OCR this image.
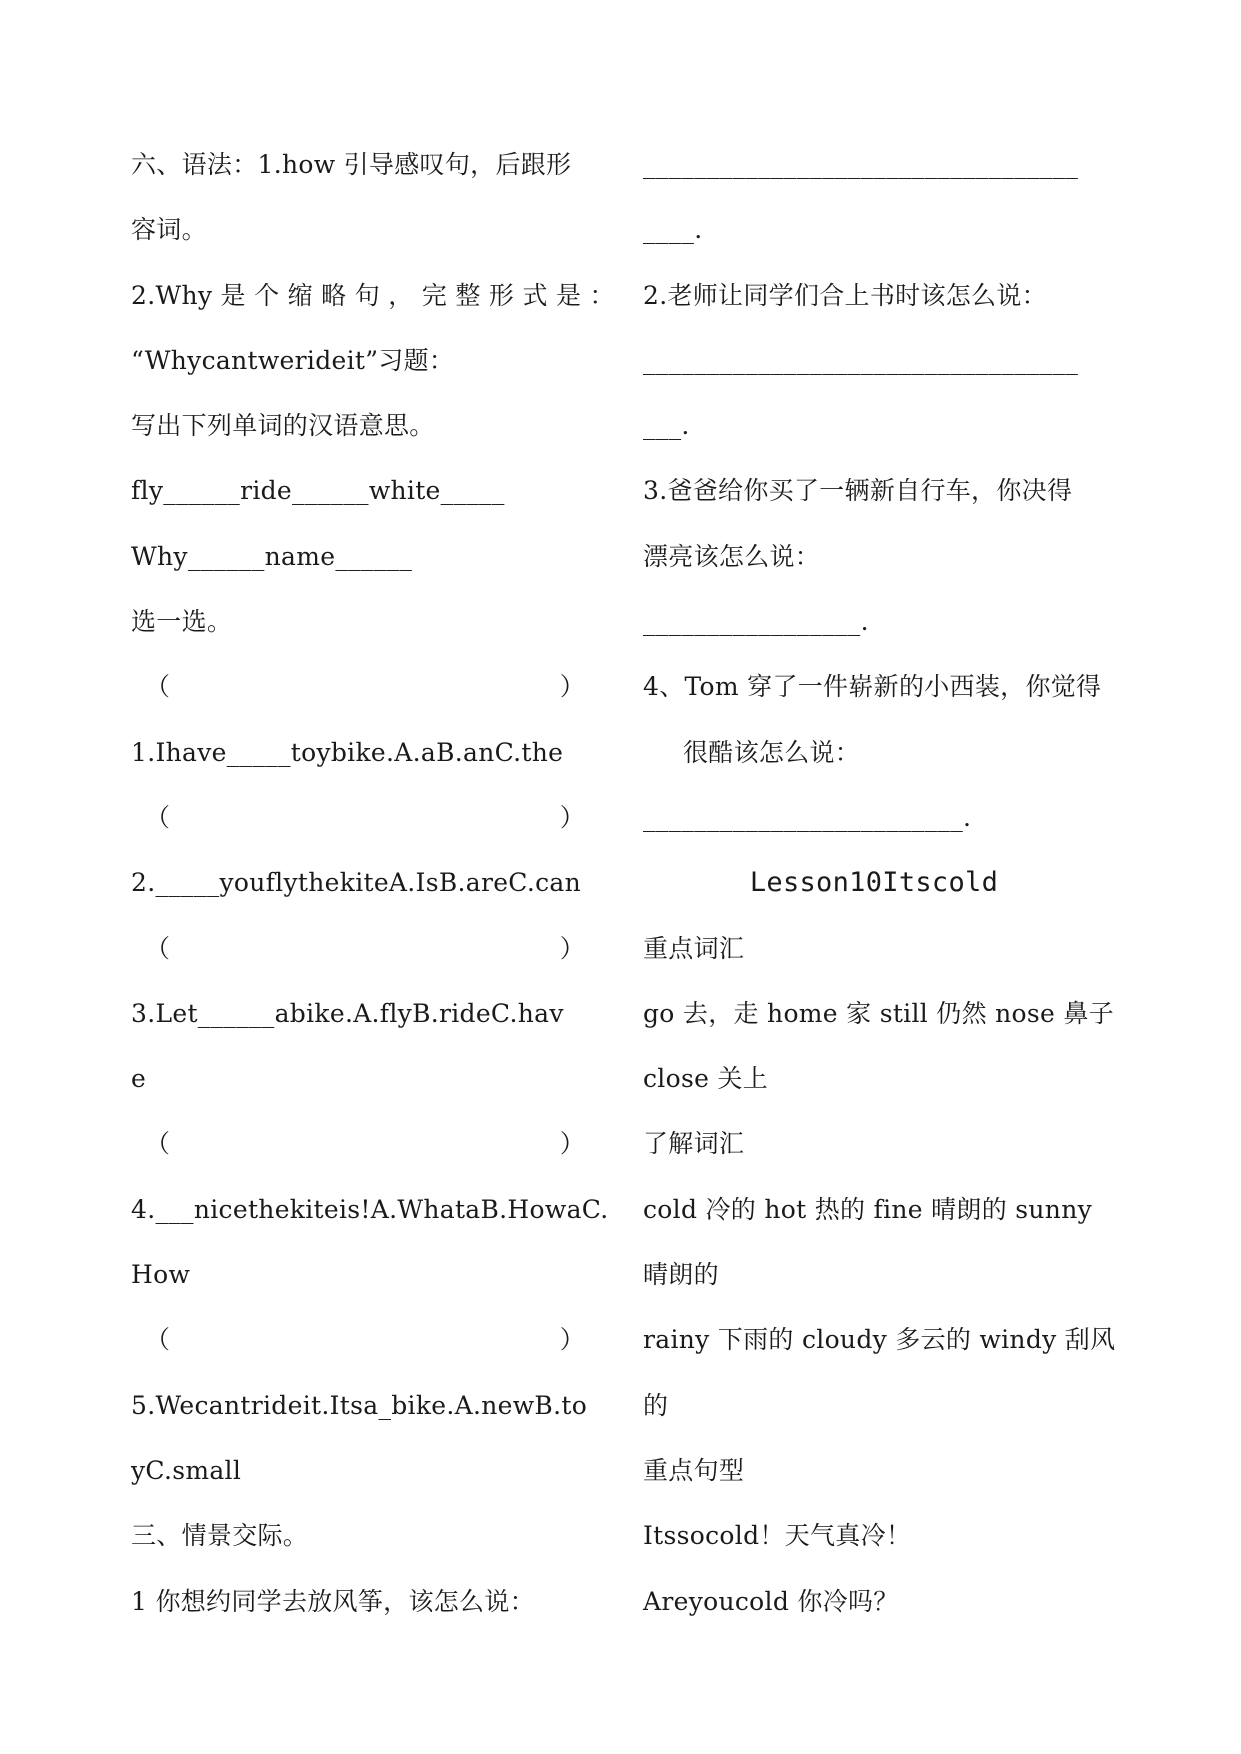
六、语法：1.how 引导感叹句，后跟形
容词。
2.Why 是 个 缩 略 句 ， 完 整 形 式 是 ：
“Whycantwerideit”习题：
写出下列单词的汉语意思。
fly______ride______white_____
Why______name______
选一选。
（	）
1.Ihave_____toybike.A.aB.anC.the
（	）
2._____youflythekiteA.IsB.areC.can
（	）
3.Let______abike.A.flyB.rideC.hav
e
（	）
4.___nicethekiteis!A.WhataB.HowaC.
How
（	）
5.Wecantrideit.Itsa_bike.A.newB.to
yC.small
三、情景交际。
1 你想约同学去放风筝，该怎么说：
__________________________________
____.
2.老师让同学们合上书时该怎么说：
__________________________________
___.
3.爸爸给你买了一辆新自行车，你决得
漂亮该怎么说：
_________________.
4、Tom 穿了一件崭新的小西装，你觉得
很酷该怎么说：
_________________________.
Lesson10Itscold
重点词汇
go 去，走 home 家 still 仍然 nose 鼻子
close 关上
了解词汇
cold 冷的 hot 热的 fine 晴朗的 sunny
晴朗的
rainy 下雨的 cloudy 多云的 windy 刮风
的
重点句型
Itssocold！天气真冷！
Areyoucold 你冷吗？
